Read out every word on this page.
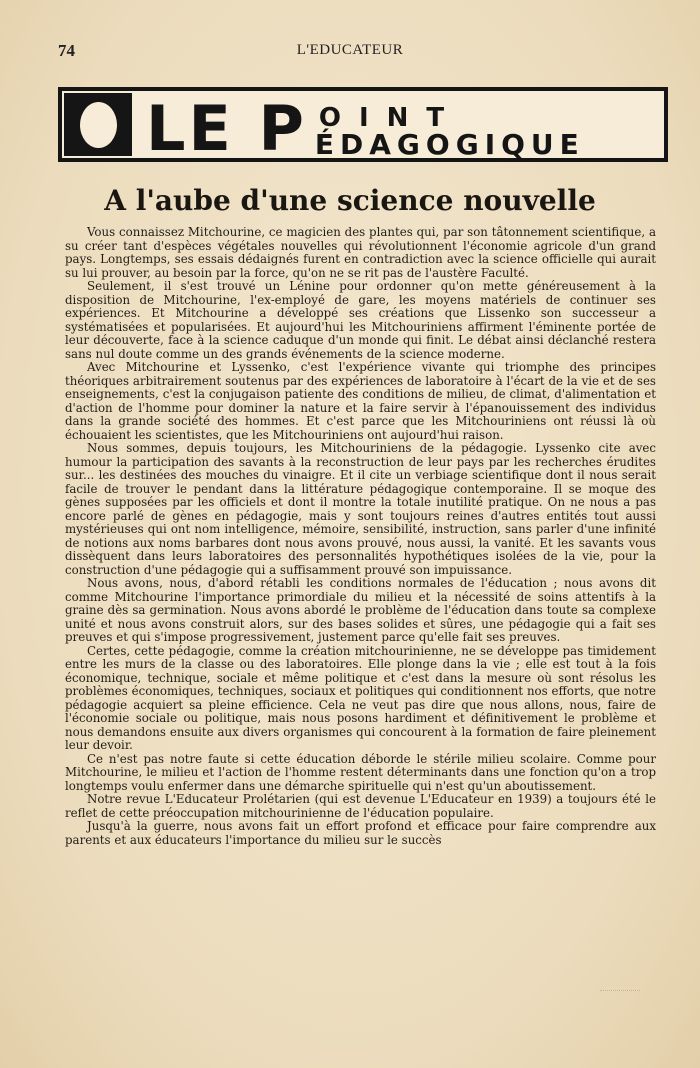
74	L'EDUCATEUR
LE P OINT
ÉDAGOGIQUE
A l'aube d'une science nouvelle

Vous connaissez Mitchourine, ce magicien des plantes qui, par son tâtonnement scientifique, a su créer tant d'espèces végétales nouvelles qui révolutionnent l'économie agricole d'un grand pays. Longtemps, ses essais dédaignés furent en contradiction avec la science officielle qui aurait su lui prouver, au besoin par la force, qu'on ne se rit pas de l'austère Faculté.

Seulement, il s'est trouvé un Lénine pour ordonner qu'on mette généreusement à la disposition de Mitchourine, l'ex-employé de gare, les moyens matériels de continuer ses expériences. Et Mitchourine a développé ses créations que Lissenko son successeur a systématisées et popularisées. Et aujourd'hui les Mitchouriniens affirment l'éminente portée de leur découverte, face à la science caduque d'un monde qui finit. Le débat ainsi déclanché restera sans nul doute comme un des grands événements de la science moderne.

Avec Mitchourine et Lyssenko, c'est l'expérience vivante qui triomphe des principes théoriques arbitrairement soutenus par des expériences de laboratoire à l'écart de la vie et de ses enseignements, c'est la conjugaison patiente des conditions de milieu, de climat, d'alimentation et d'action de l'homme pour dominer la nature et la faire servir à l'épanouissement des individus dans la grande société des hommes. Et c'est parce que les Mitchouriniens ont réussi là où échouaient les scientistes, que les Mitchouriniens ont aujourd'hui raison.

Nous sommes, depuis toujours, les Mitchouriniens de la pédagogie. Lyssenko cite avec humour la participation des savants à la reconstruction de leur pays par les recherches érudites sur... les destinées des mouches du vinaigre. Et il cite un verbiage scientifique dont il nous serait facile de trouver le pendant dans la littérature pédagogique contemporaine. Il se moque des gènes supposées par les officiels et dont il montre la totale inutilité pratique. On ne nous a pas encore parlé de gènes en pédagogie, mais y sont toujours reines d'autres entités tout aussi mystérieuses qui ont nom intelligence, mémoire, sensibilité, instruction, sans parler d'une infinité de notions aux noms barbares dont nous avons prouvé, nous aussi, la vanité. Et les savants vous dissèquent dans leurs laboratoires des personnalités hypothétiques isolées de la vie, pour la construction d'une pédagogie qui a suffisamment prouvé son impuissance.

Nous avons, nous, d'abord rétabli les conditions normales de l'éducation ; nous avons dit comme Mitchourine l'importance primordiale du milieu et la nécessité de soins attentifs à la graine dès sa germination. Nous avons abordé le problème de l'éducation dans toute sa complexe unité et nous avons construit alors, sur des bases solides et sûres, une pédagogie qui a fait ses preuves et qui s'impose progressivement, justement parce qu'elle fait ses preuves.

Certes, cette pédagogie, comme la création mitchourinienne, ne se développe pas timidement entre les murs de la classe ou des laboratoires. Elle plonge dans la vie ; elle est tout à la fois économique, technique, sociale et même politique et c'est dans la mesure où sont résolus les problèmes économiques, techniques, sociaux et politiques qui conditionnent nos efforts, que notre pédagogie acquiert sa pleine efficience. Cela ne veut pas dire que nous allons, nous, faire de l'économie sociale ou politique, mais nous posons hardiment et définitivement le problème et nous demandons ensuite aux divers organismes qui concourent à la formation de faire pleinement leur devoir.

Ce n'est pas notre faute si cette éducation déborde le stérile milieu scolaire. Comme pour Mitchourine, le milieu et l'action de l'homme restent déterminants dans une fonction qu'on a trop longtemps voulu enfermer dans une démarche spirituelle qui n'est qu'un aboutissement.

Notre revue L'Educateur Prolétarien (qui est devenue L'Educateur en 1939) a toujours été le reflet de cette préoccupation mitchourinienne de l'éducation populaire.

Jusqu'à la guerre, nous avons fait un effort profond et efficace pour faire comprendre aux parents et aux éducateurs l'importance du milieu sur le succès
